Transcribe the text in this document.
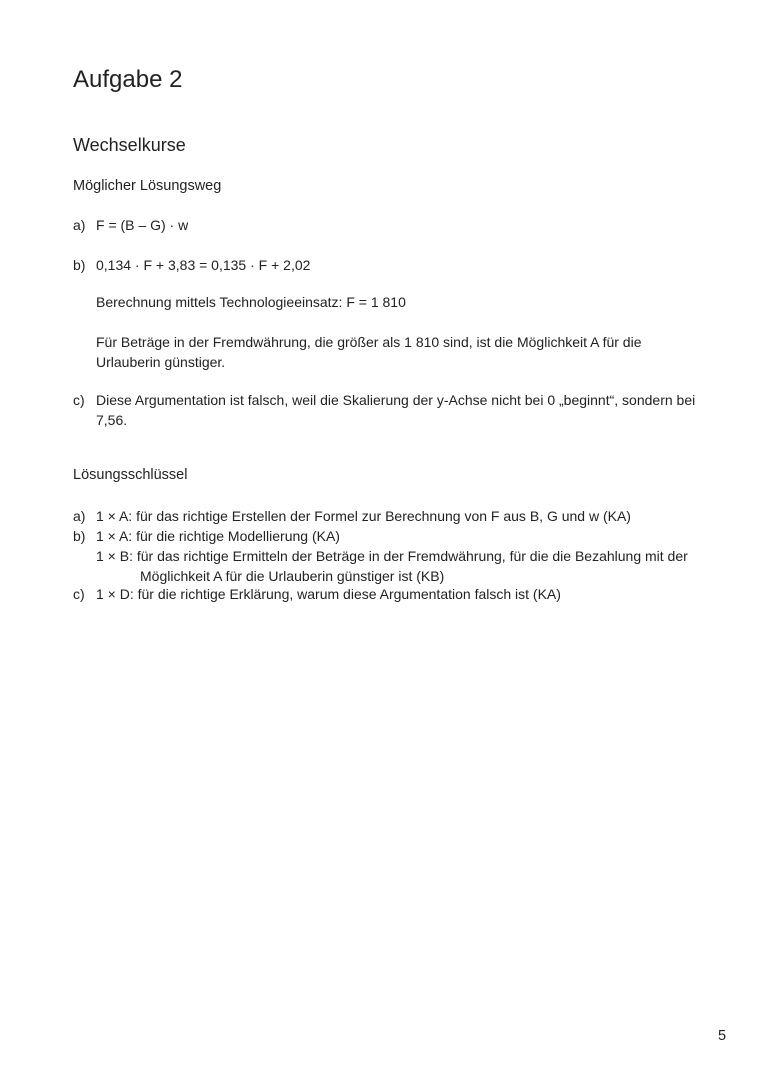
Aufgabe 2
Wechselkurse
Möglicher Lösungsweg
a) F = (B – G) · w
b) 0,134 · F + 3,83 = 0,135 · F + 2,02
Berechnung mittels Technologieeinsatz: F = 1 810
Für Beträge in der Fremdwährung, die größer als 1 810 sind, ist die Möglichkeit A für die Urlauberin günstiger.
c) Diese Argumentation ist falsch, weil die Skalierung der y-Achse nicht bei 0 „beginnt“, sondern bei 7,56.
Lösungsschlüssel
a) 1 × A: für das richtige Erstellen der Formel zur Berechnung von F aus B, G und w (KA)
b) 1 × A: für die richtige Modellierung (KA)
1 × B: für das richtige Ermitteln der Beträge in der Fremdwährung, für die die Bezahlung mit der Möglichkeit A für die Urlauberin günstiger ist (KB)
c) 1 × D: für die richtige Erklärung, warum diese Argumentation falsch ist (KA)
5
